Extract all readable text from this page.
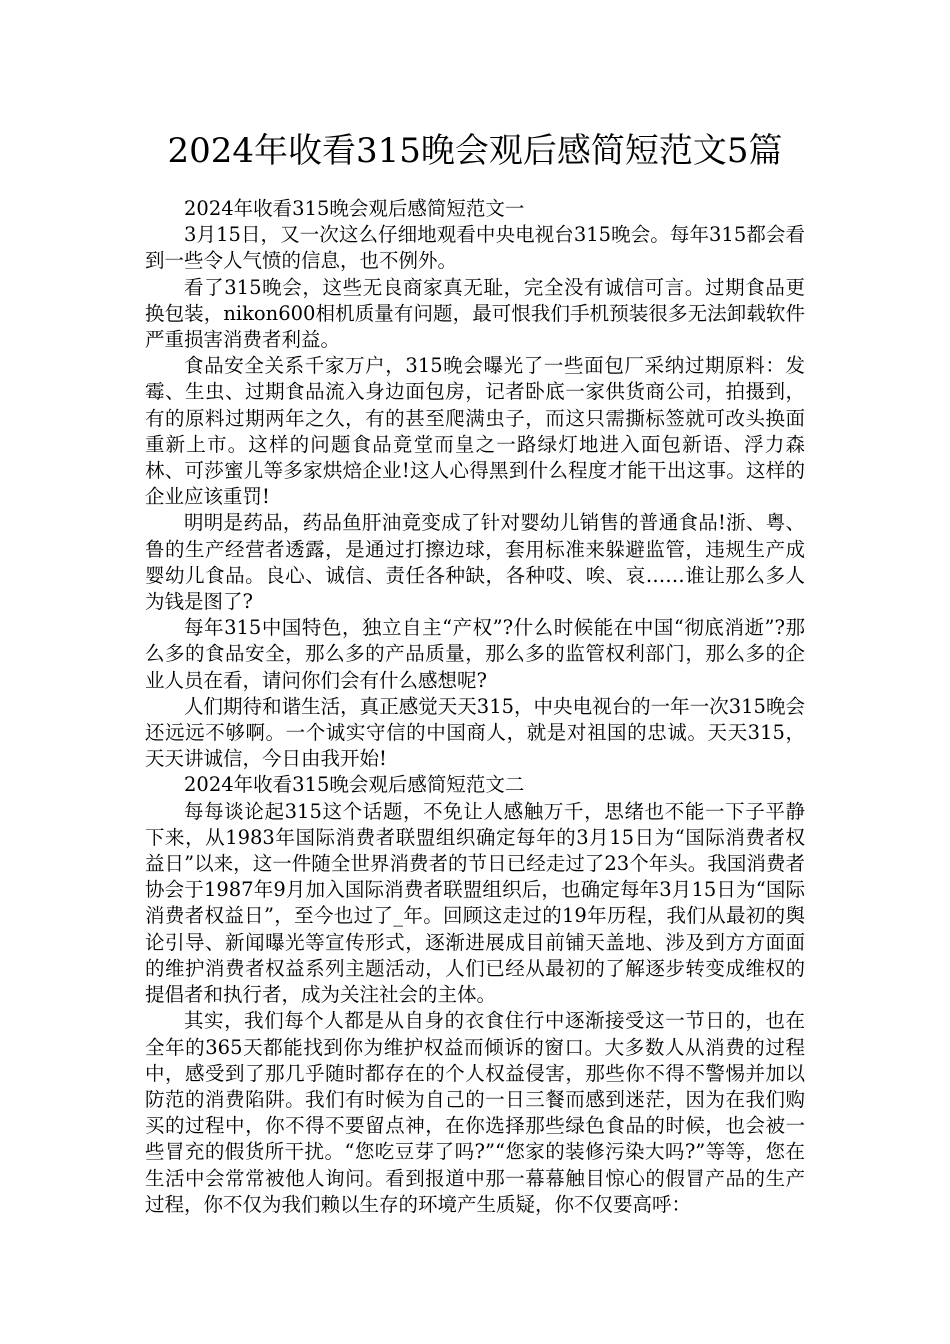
2024年收看315晚会观后感简短范文5篇

2024年收看315晚会观后感简短范文一

3月15日，又一次这么仔细地观看中央电视台315晚会。每年315都会看到一些令人气愤的信息，也不例外。

看了315晚会，这些无良商家真无耻，完全没有诚信可言。过期食品更换包装，nikon600相机质量有问题，最可恨我们手机预装很多无法卸载软件严重损害消费者利益。

食品安全关系千家万户，315晚会曝光了一些面包厂采纳过期原料：发霉、生虫、过期食品流入身边面包房，记者卧底一家供货商公司，拍摄到，有的原料过期两年之久，有的甚至爬满虫子，而这只需撕标签就可改头换面重新上市。这样的问题食品竟堂而皇之一路绿灯地进入面包新语、浮力森林、可莎蜜儿等多家烘焙企业!这人心得黑到什么程度才能干出这事。这样的企业应该重罚!

明明是药品，药品鱼肝油竟变成了针对婴幼儿销售的普通食品!浙、粤、鲁的生产经营者透露，是通过打擦边球，套用标准来躲避监管，违规生产成婴幼儿食品。良心、诚信、责任各种缺，各种哎、唉、哀……谁让那么多人为钱是图了?

每年315中国特色，独立自主“产权”?什么时候能在中国“彻底消逝”?那么多的食品安全，那么多的产品质量，那么多的监管权利部门，那么多的企业人员在看，请问你们会有什么感想呢?

人们期待和谐生活，真正感觉天天315，中央电视台的一年一次315晚会还远远不够啊。一个诚实守信的中国商人，就是对祖国的忠诚。天天315，天天讲诚信，今日由我开始!

2024年收看315晚会观后感简短范文二

每每谈论起315这个话题，不免让人感触万千，思绪也不能一下子平静下来，从1983年国际消费者联盟组织确定每年的3月15日为“国际消费者权益日”以来，这一件随全世界消费者的节日已经走过了23个年头。我国消费者协会于1987年9月加入国际消费者联盟组织后，也确定每年3月15日为“国际消费者权益日”，至今也过了_年。回顾这走过的19年历程，我们从最初的舆论引导、新闻曝光等宣传形式，逐渐进展成目前铺天盖地、涉及到方方面面的维护消费者权益系列主题活动，人们已经从最初的了解逐步转变成维权的提倡者和执行者，成为关注社会的主体。

其实，我们每个人都是从自身的衣食住行中逐渐接受这一节日的，也在全年的365天都能找到你为维护权益而倾诉的窗口。大多数人从消费的过程中，感受到了那几乎随时都存在的个人权益侵害，那些你不得不警惕并加以防范的消费陷阱。我们有时候为自己的一日三餐而感到迷茫，因为在我们购买的过程中，你不得不要留点神，在你选择那些绿色食品的时候，也会被一些冒充的假货所干扰。“您吃豆芽了吗?”“您家的装修污染大吗?”等等，您在生活中会常常被他人询问。看到报道中那一幕幕触目惊心的假冒产品的生产过程，你不仅为我们赖以生存的环境产生质疑，你不仅要高呼：
